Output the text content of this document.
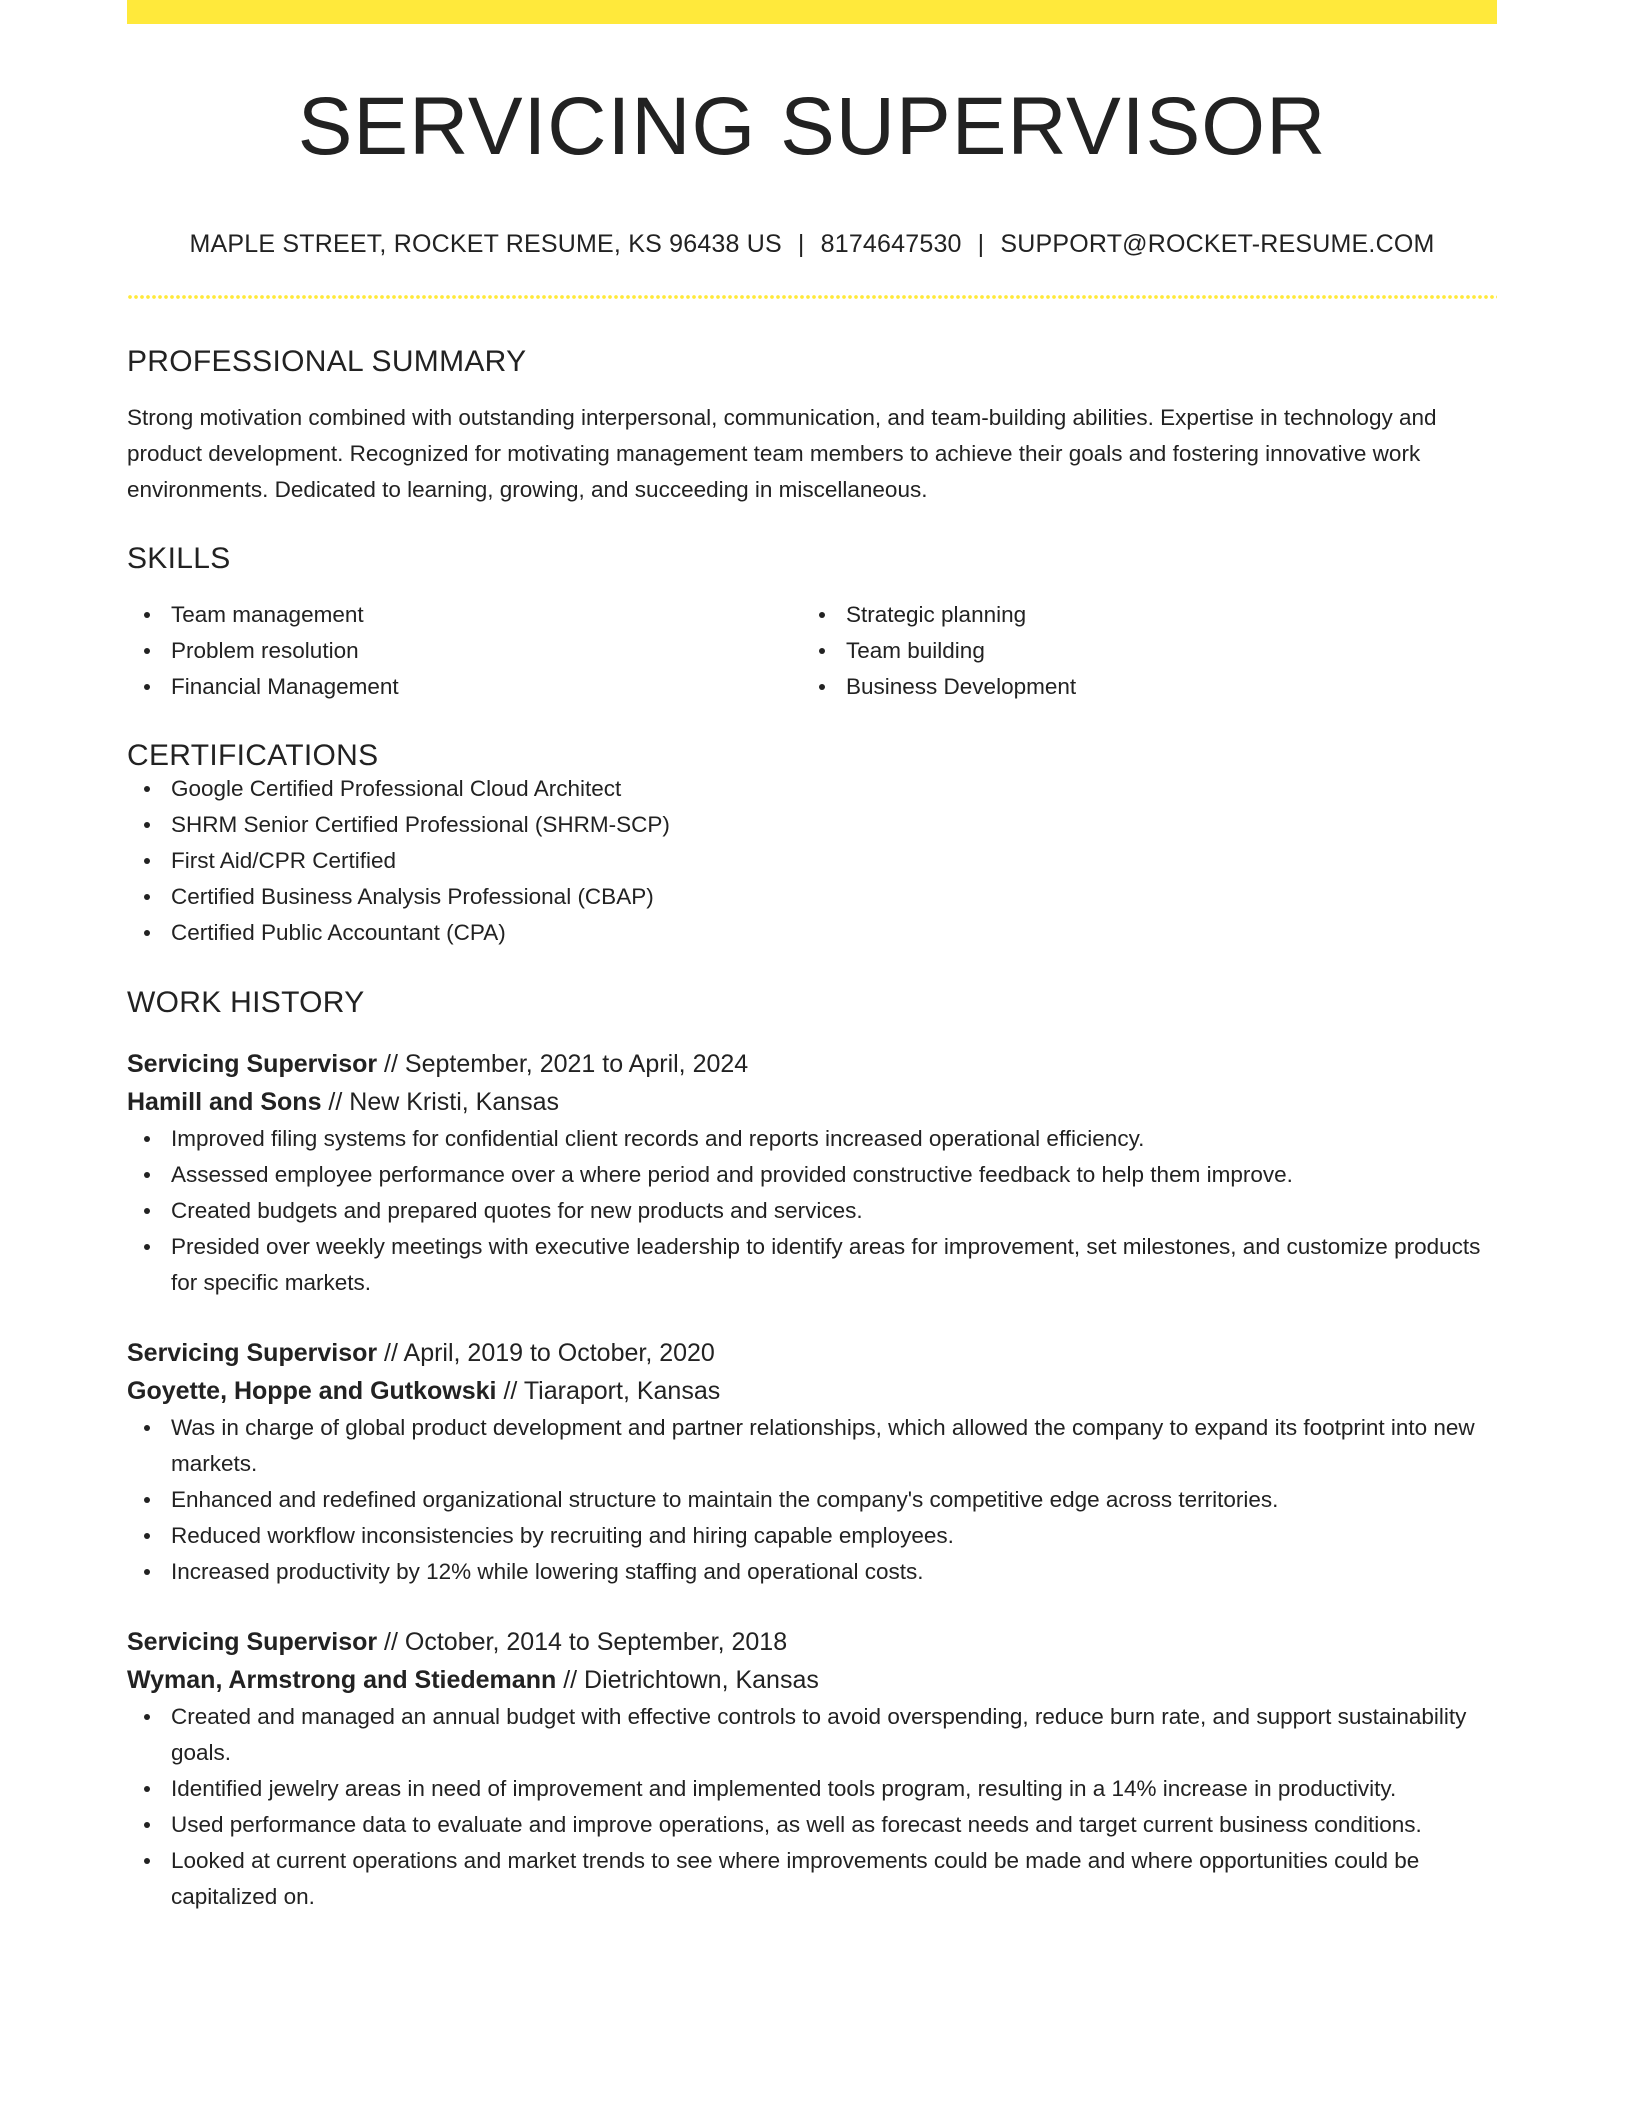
SERVICING SUPERVISOR
MAPLE STREET, ROCKET RESUME, KS 96438 US | 8174647530 | SUPPORT@ROCKET-RESUME.COM
PROFESSIONAL SUMMARY
Strong motivation combined with outstanding interpersonal, communication, and team-building abilities. Expertise in technology and product development. Recognized for motivating management team members to achieve their goals and fostering innovative work environments. Dedicated to learning, growing, and succeeding in miscellaneous.
SKILLS
Team management
Problem resolution
Financial Management
Strategic planning
Team building
Business Development
CERTIFICATIONS
Google Certified Professional Cloud Architect
SHRM Senior Certified Professional (SHRM-SCP)
First Aid/CPR Certified
Certified Business Analysis Professional (CBAP)
Certified Public Accountant (CPA)
WORK HISTORY
Servicing Supervisor // September, 2021 to April, 2024
Hamill and Sons // New Kristi, Kansas
Improved filing systems for confidential client records and reports increased operational efficiency.
Assessed employee performance over a where period and provided constructive feedback to help them improve.
Created budgets and prepared quotes for new products and services.
Presided over weekly meetings with executive leadership to identify areas for improvement, set milestones, and customize products for specific markets.
Servicing Supervisor // April, 2019 to October, 2020
Goyette, Hoppe and Gutkowski // Tiaraport, Kansas
Was in charge of global product development and partner relationships, which allowed the company to expand its footprint into new markets.
Enhanced and redefined organizational structure to maintain the company's competitive edge across territories.
Reduced workflow inconsistencies by recruiting and hiring capable employees.
Increased productivity by 12% while lowering staffing and operational costs.
Servicing Supervisor // October, 2014 to September, 2018
Wyman, Armstrong and Stiedemann // Dietrichtown, Kansas
Created and managed an annual budget with effective controls to avoid overspending, reduce burn rate, and support sustainability goals.
Identified jewelry areas in need of improvement and implemented tools program, resulting in a 14% increase in productivity.
Used performance data to evaluate and improve operations, as well as forecast needs and target current business conditions.
Looked at current operations and market trends to see where improvements could be made and where opportunities could be capitalized on.
